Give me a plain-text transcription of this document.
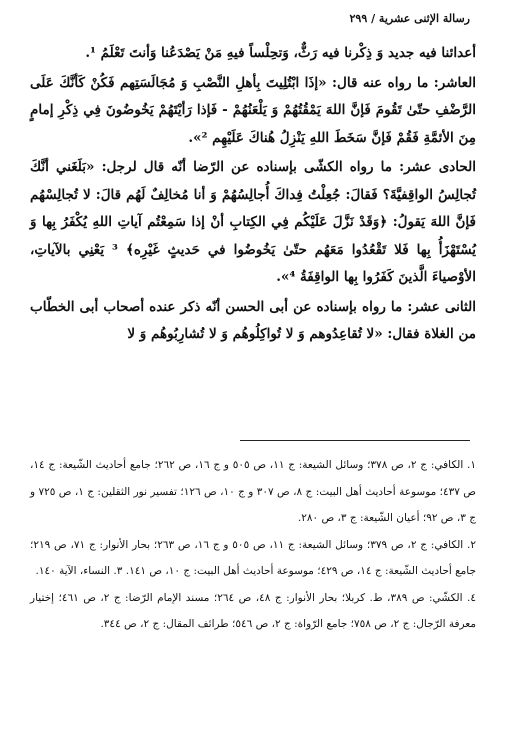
رسالة الإثنى عشرية / ٢٩٩

أعدائنا فيه جديد وَ ذِكْرنا فيه رَثٌّ، وَتحِلْساً فيهِ مَنْ يَصْدَعُنا وَأنتَ تَعْلَمُ ¹.

العاشر: ما رواه عنه قال: «إذَا ابْتُلِيتَ بِأهلِ النَّصْبِ وَ مُجَالَسَتِهم فَكُنْ كَأنَّكَ عَلَى الرَّضْفِ حتّىٰ تَقُومَ فَإنَّ اللهَ يَمْقُتُهُمْ وَ يَلْعَنُهُمْ - فَإذا رَأيْتَهُمْ يَخُوضُونَ فِي ذِكْرِ إمامٍ مِنَ الأئمَّةِ فَقُمْ فَإنَّ سَخَطَ اللهِ يَنْزِلُ هُناكَ عَلَيْهِم ²».

الحادى عشر: ما رواه الكشّى بإسناده عن الرّضا أنّه قال لرجل: «بَلَغَني أنَّكَ تُجالِسُ الواقِفيَّةَ؟ فَقالَ: جُعِلْتُ فِداكَ أُجالِسُهُمْ وَ أنا مُخالِفٌ لَهُم قالَ: لا تُجالِسْهُم فَإنَّ اللهَ يَقولُ: ﴿وَقَدْ نَزَّلَ عَلَيْكُم فِي الكِتابِ أنْ إذا سَمِعْتُم آياتِ اللهِ يُكْفَرُ بِها وَ يُسْتَهْزَأُ بِها فَلا تَقْعُدُوا مَعَهُم حتّىٰ يَخُوضُوا في حَديثٍ غَيْرِه﴾ ³ يَعْنِي بالآياتِ، الأوْصياءَ الَّذينَ كَفَرُوا بِها الواقِفَةُ ⁴».

الثانى عشر: ما رواه بإسناده عن أبى الحسن أنّه ذكر عنده أصحاب أبى الخطّاب من الغلاة فقال: «لا تُقاعِدُوهم وَ لا تُواكِلُوهُم وَ لا تُشارِبُوهُم وَ لا

١. الكافي: ج ٢، ص ٣٧٨؛ وسائل الشيعة: ج ١١، ص ٥٠٥ و ج ١٦، ص ٢٦٢؛ جامع أحاديث الشّيعة: ج ١٤، ص ٤٣٧؛ موسوعة أحاديث أهل البيت: ج ٨، ص ٣٠٧ و ج ١٠، ص ١٢٦؛ تفسير نور الثقلين: ج ١، ص ٧٢٥ و ج ٣، ص ٩٢؛ أعيان الشّيعة: ج ٣، ص ٢٨٠.

٢. الكافي: ج ٢، ص ٣٧٩؛ وسائل الشيعة: ج ١١، ص ٥٠٥ و ج ١٦، ص ٢٦٣؛ بحار الأنوار: ج ٧١، ص ٢١٩؛ جامع أحاديث الشّيعة: ج ١٤، ص ٤٢٩؛ موسوعة أحاديث أهل البيت: ج ١٠، ص ١٤١. ٣. النساء، الآية ١٤٠.

٤. الكشّي: ص ٣٨٩، ط. كربلا؛ بحار الأنوار: ج ٤٨، ص ٢٦٤؛ مسند الإمام الرّضا: ج ٢، ص ٤٦١؛ إختيار معرفة الرّجال: ج ٢، ص ٧٥٨؛ جامع الرّواة: ج ٢، ص ٥٤٦؛ طرائف المقال: ج ٢، ص ٣٤٤.
